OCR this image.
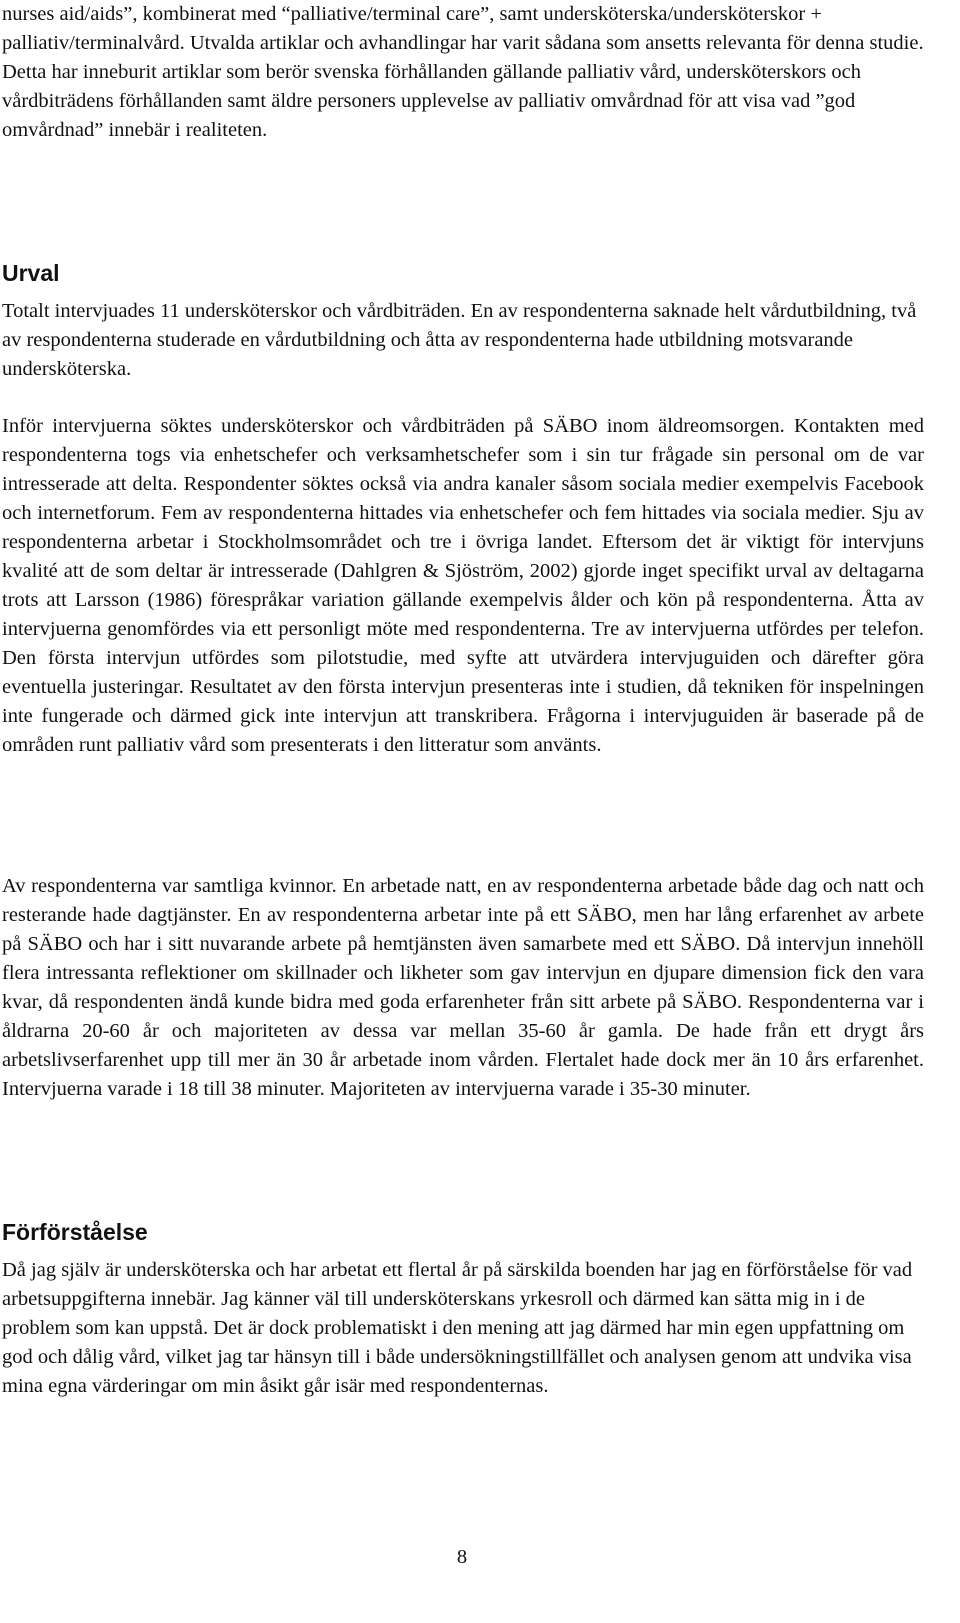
nurses aid/aids”, kombinerat med “palliative/terminal care”, samt undersköterska/undersköterskor + palliativ/terminalvård. Utvalda artiklar och avhandlingar har varit sådana som ansetts relevanta för denna studie. Detta har inneburit artiklar som berör svenska förhållanden gällande palliativ vård, undersköterskors och vårdbiträdens förhållanden samt äldre personers upplevelse av palliativ omvårdnad för att visa vad ”god omvårdnad” innebär i realiteten.

Urval

Totalt intervjuades 11 undersköterskor och vårdbiträden. En av respondenterna saknade helt vårdutbildning, två av respondenterna studerade en vårdutbildning och åtta av respondenterna hade utbildning motsvarande undersköterska.

Inför intervjuerna söktes undersköterskor och vårdbiträden på SÄBO inom äldreomsorgen. Kontakten med respondenterna togs via enhetschefer och verksamhetschefer som i sin tur frågade sin personal om de var intresserade att delta. Respondenter söktes också via andra kanaler såsom sociala medier exempelvis Facebook och internetforum. Fem av respondenterna hittades via enhetschefer och fem hittades via sociala medier. Sju av respondenterna arbetar i Stockholmsområdet och tre i övriga landet. Eftersom det är viktigt för intervjuns kvalité att de som deltar är intresserade (Dahlgren & Sjöström, 2002) gjorde inget specifikt urval av deltagarna trots att Larsson (1986) förespråkar variation gällande exempelvis ålder och kön på respondenterna. Åtta av intervjuerna genomfördes via ett personligt möte med respondenterna. Tre av intervjuerna utfördes per telefon. Den första intervjun utfördes som pilotstudie, med syfte att utvärdera intervjuguiden och därefter göra eventuella justeringar. Resultatet av den första intervjun presenteras inte i studien, då tekniken för inspelningen inte fungerade och därmed gick inte intervjun att transkribera. Frågorna i intervjuguiden är baserade på de områden runt palliativ vård som presenterats i den litteratur som använts.

Av respondenterna var samtliga kvinnor. En arbetade natt, en av respondenterna arbetade både dag och natt och resterande hade dagtjänster. En av respondenterna arbetar inte på ett SÄBO, men har lång erfarenhet av arbete på SÄBO och har i sitt nuvarande arbete på hemtjänsten även samarbete med ett SÄBO. Då intervjun innehöll flera intressanta reflektioner om skillnader och likheter som gav intervjun en djupare dimension fick den vara kvar, då respondenten ändå kunde bidra med goda erfarenheter från sitt arbete på SÄBO. Respondenterna var i åldrarna 20-60 år och majoriteten av dessa var mellan 35-60 år gamla. De hade från ett drygt års arbetslivserfarenhet upp till mer än 30 år arbetade inom vården. Flertalet hade dock mer än 10 års erfarenhet. Intervjuerna varade i 18 till 38 minuter. Majoriteten av intervjuerna varade i 35-30 minuter.

Förförståelse

Då jag själv är undersköterska och har arbetat ett flertal år på särskilda boenden har jag en förförståelse för vad arbetsuppgifterna innebär. Jag känner väl till undersköterskans yrkesroll och därmed kan sätta mig in i de problem som kan uppstå. Det är dock problematiskt i den mening att jag därmed har min egen uppfattning om god och dålig vård, vilket jag tar hänsyn till i både undersökningstillfället och analysen genom att undvika visa mina egna värderingar om min åsikt går isär med respondenternas.

8
